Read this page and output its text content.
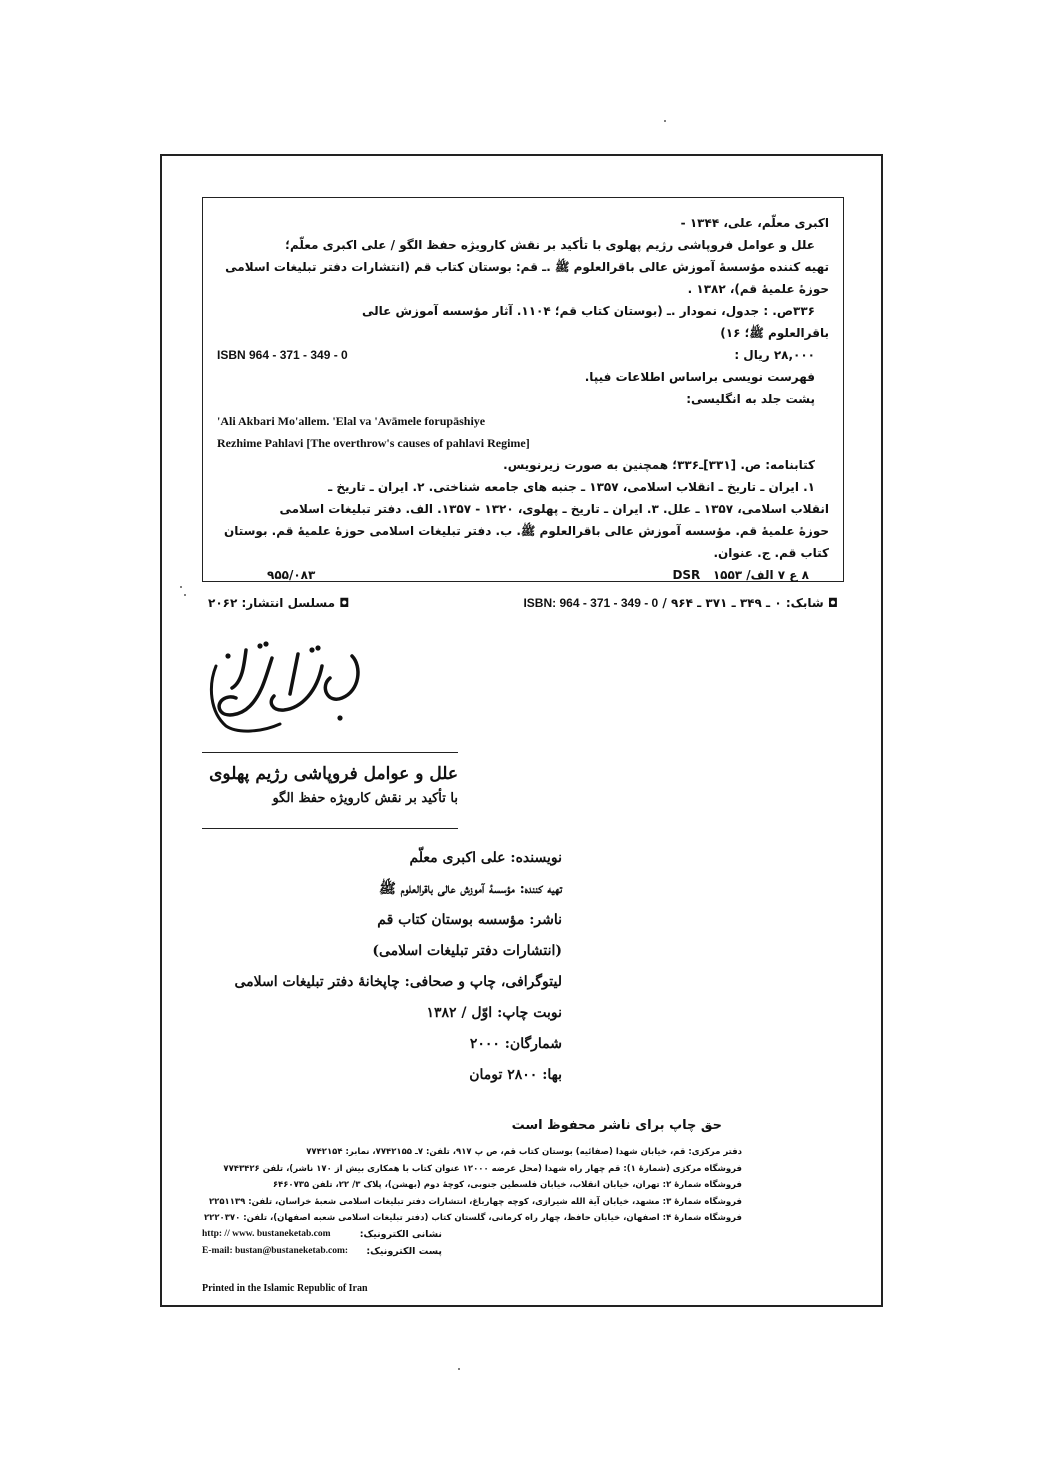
اکبری معلّم، علی، ۱۳۴۴ -
علل و عوامل فروپاشی رژیم پهلوی با تأکید بر نقش کارویژه حفظ الگو / علی اکبری معلّم؛
تهیه کننده مؤسسهٔ آموزش عالی باقرالعلوم ﷺ .ـ قم: بوستان کتاب قم (انتشارات دفتر تبلیغات اسلامی
حوزهٔ علمیهٔ قم)، ۱۳۸۲ .
۳۳۶ص. : جدول، نمودار .ـ (بوستان کتاب قم؛ ۱۱۰۴. آثار مؤسسه آموزش عالی
باقرالعلوم ﷺ؛ ۱۶)
۲۸,۰۰۰ ریال :
ISBN 964 - 371 - 349 - 0
فهرست نویسی براساس اطلاعات فیپا.
پشت جلد به انگلیسی:
'Ali Akbari Mo'allem. 'Elal va 'Avāmele forupāshiye
Rezhime Pahlavi [The overthrow's causes of pahlavi Regime]
کتابنامه: ص. [۳۳۱]ـ۳۳۶؛ همچنین به صورت زیرنویس.
۱. ایران ـ تاریخ ـ انقلاب اسلامی، ۱۳۵۷ ـ جنبه های جامعه شناختی. ۲. ایران ـ تاریخ ـ
انقلاب اسلامی، ۱۳۵۷ ـ علل. ۳. ایران ـ تاریخ ـ پهلوی، ۱۳۲۰ - ۱۳۵۷. الف. دفتر تبلیغات اسلامی
حوزهٔ علمیهٔ قم. مؤسسه آموزش عالی باقرالعلوم ﷺ. ب. دفتر تبلیغات اسلامی حوزهٔ علمیهٔ قم. بوستان
کتاب قم. ج. عنوان.
۸ ع ۷ الف/ ۱۵۵۳   DSR
۹۵۵/۰۸۳
◘ شابک: ۰ ـ ۳۴۹ ـ ۳۷۱ ـ ۹۶۴ / ISBN: 964 - 371 - 349 - 0
◘ مسلسل انتشار: ۲۰۶۲
علل و عوامل فروپاشی رژیم پهلوی
با تأکید بر نقش کارویژه حفظ الگو
نویسنده: علی اکبری معلّم
تهیه کننده: مؤسسهٔ آموزش عالی باقرالعلوم ﷺ
ناشر: مؤسسه بوستان کتاب قم
(انتشارات دفتر تبلیغات اسلامی)
لیتوگرافی، چاپ و صحافی: چاپخانهٔ دفتر تبلیغات اسلامی
نوبت چاپ: اوّل / ۱۳۸۲
شمارگان: ۲۰۰۰
بها: ۲۸۰۰ تومان
حق چاپ برای ناشر محفوظ است
دفتر مرکزی: قم، خیابان شهدا (صفائیه) بوستان کتاب قم، ص پ ۹۱۷، تلفن: ۷ـ ۷۷۴۲۱۵۵، نمابر: ۷۷۴۲۱۵۴
فروشگاه مرکزی (شمارهٔ ۱): قم چهار راه شهدا (محل عرضه ۱۲۰۰۰ عنوان کتاب با همکاری بیش از ۱۷۰ ناشر)، تلفن ۷۷۴۳۴۲۶
فروشگاه شمارهٔ ۲: تهران، خیابان انقلاب، خیابان فلسطین جنوبی، کوچهٔ دوم (بهشن)، پلاک ۳/ ۲۲، تلفن ۶۴۶۰۷۳۵
فروشگاه شمارهٔ ۳: مشهد، خیابان آیة الله شیرازی، کوچه چهارباغ، انتشارات دفتر تبلیغات اسلامی شعبهٔ خراسان، تلفن: ۲۲۵۱۱۳۹
فروشگاه شمارهٔ ۴: اصفهان، خیابان حافظ، چهار راه کرمانی، گلستان کتاب (دفتر تبلیغات اسلامی شعبه اصفهان)، تلفن: ۲۲۲۰۳۷۰
http: // www. bustaneketab.com	نشانی الکترونیک:
E-mail: bustan@bustaneketab.com: پست الکترونیک:
Printed in the Islamic Republic of Iran
